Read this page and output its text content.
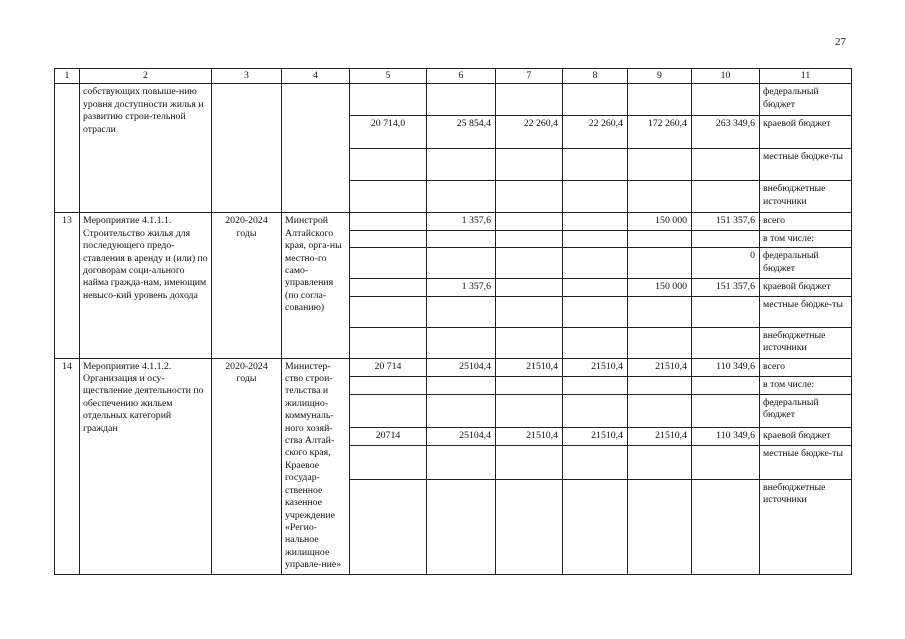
27
1	2	3	4	5	6	7	8	9	10	11
	собствующих повыше-нию уровня доступности жилья и развитию строи-тельной отрасли									федеральный бюджет
				20 714,0	25 854,4	22 260,4	22 260,4	172 260,4	263 349,6	краевой бюджет
										местные бюдже-ты
										внебюджетные источники
13	Мероприятие 4.1.1.1. Строительство жилья для последующего предо-ставления в аренду и (или) по договорам соци-ального найма гражда-нам, имеющим невысо-кий уровень дохода	2020-2024 годы	Минстрой Алтайского края, орга-ны местно-го само-управления (по согла-сованию)		1 357,6			150 000	151 357,6	всего
										в том числе:
									0	федеральный бюджет
					1 357,6			150 000	151 357,6	краевой бюджет
										местные бюдже-ты
										внебюджетные источники
14	Мероприятие 4.1.1.2. Организация и осу-ществление деятельности по обеспечению жильем отдельных категорий граждан	2020-2024 годы	Министер-ство строи-тельства и жилищно-коммуналь-ного хозяй-ства Алтай-ского края, Краевое государ-ственное казенное учреждение «Регио-нальное жилищное управле-ние»	20 714	25104,4	21510,4	21510,4	21510,4	110 349,6	всего
										в том числе:
										федеральный бюджет
				20714	25104,4	21510,4	21510,4	21510,4	110 349,6	краевой бюджет
										местные бюдже-ты
										внебюджетные источники
